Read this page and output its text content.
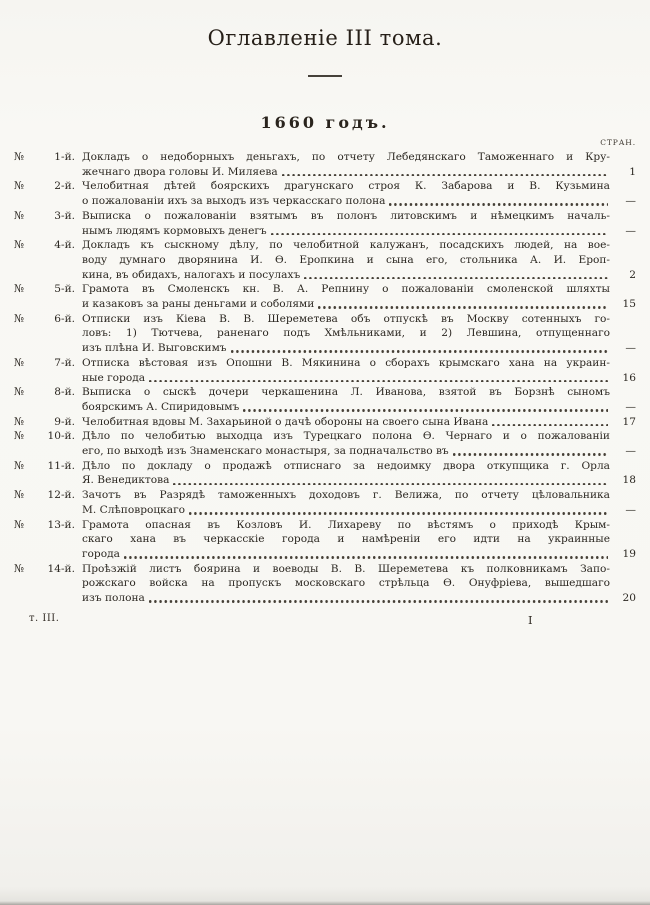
Оглавленіе III тома.
1660 годъ.
СТРАН.
№	1-й. Докладъ о недоборныхъ деньгахъ, по отчету Лебедянскаго Таможеннаго и Кру-
жечнаго двора головы И. Миляева	1
№	2-й. Челобитная дѣтей боярскихъ драгунскаго строя К. Забарова и В. Кузьмина
о пожалованіи ихъ за выходъ изъ черкасскаго полона	—
№	3-й. Выписка о пожалованіи взятымъ въ полонъ литовскимъ и нѣмецкимъ началь-
нымъ людямъ кормовыхъ денегъ	—
№	4-й. Докладъ къ сыскному дѣлу, по челобитной калужанъ, посадскихъ людей, на вое-
воду думнаго дворянина И. Ѳ. Еропкина и сына его, стольника А. И. Ероп-
кина, въ обидахъ, налогахъ и посулахъ	2
№	5-й. Грамота въ Смоленскъ кн. В. А. Репнину о пожалованіи смоленской шляхты
и казаковъ за раны деньгами и соболями	15
№	6-й. Отписки изъ Кіева В. В. Шереметева объ отпускѣ въ Москву сотенныхъ го-
ловъ: 1) Тютчева, раненаго подъ Хмѣльниками, и 2) Левшина, отпущеннаго
изъ плѣна И. Выговскимъ	—
№	7-й. Отписка вѣстовая изъ Опошни В. Мякинина о сборахъ крымскаго хана на украин-
ные города	16
№	8-й. Выписка о сыскѣ дочери черкашенина Л. Иванова, взятой въ Борзнѣ сыномъ
боярскимъ А. Спиридовымъ	—
№	9-й. Челобитная вдовы М. Захарьиной о дачѣ обороны на своего сына Ивана	17
№	10-й. Дѣло по челобитью выходца изъ Турецкаго полона Ѳ. Чернаго и о пожалованіи
его, по выходѣ изъ Знаменскаго монастыря, за подначальство въ	—
№	11-й. Дѣло по докладу о продажѣ отписнаго за недоимку двора откупщика г. Орла
Я. Венедиктова	18
№	12-й. Зачотъ въ Разрядѣ таможенныхъ доходовъ г. Велижа, по отчету цѣловальника
М. Слѣповроцкаго	—
№	13-й. Грамота опасная въ Козловъ И. Лихареву по вѣстямъ о приходѣ Крым-
скаго хана въ черкасскіе города и намѣреніи его идти на украинные
города	19
№	14-й. Проѣзжій листъ боярина и воеводы В. В. Шереметева къ полковникамъ Запо-
рожскаго войска на пропускъ московскаго стрѣльца Ѳ. Онуфріева, вышедшаго
изъ полона	20
т. III.	I
